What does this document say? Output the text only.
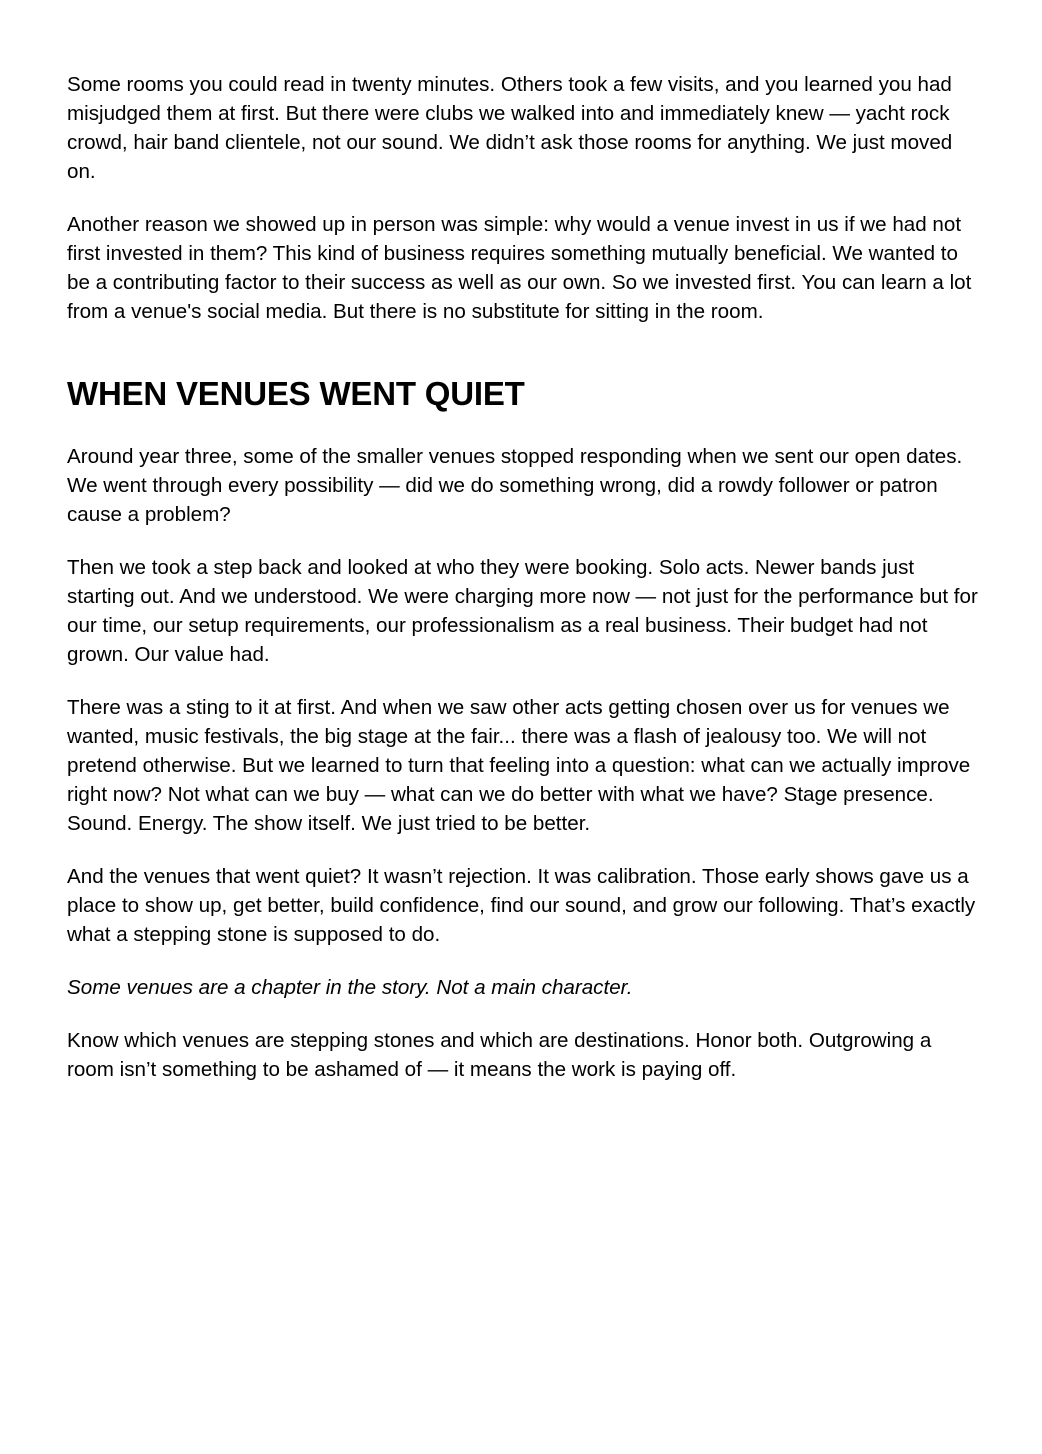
Some rooms you could read in twenty minutes. Others took a few visits, and you learned you had misjudged them at first. But there were clubs we walked into and immediately knew — yacht rock crowd, hair band clientele, not our sound. We didn’t ask those rooms for anything. We just moved on.

Another reason we showed up in person was simple: why would a venue invest in us if we had not first invested in them? This kind of business requires something mutually beneficial. We wanted to be a contributing factor to their success as well as our own. So we invested first. You can learn a lot from a venue's social media. But there is no substitute for sitting in the room.

WHEN VENUES WENT QUIET

Around year three, some of the smaller venues stopped responding when we sent our open dates. We went through every possibility — did we do something wrong, did a rowdy follower or patron cause a problem?

Then we took a step back and looked at who they were booking. Solo acts. Newer bands just starting out. And we understood. We were charging more now — not just for the performance but for our time, our setup requirements, our professionalism as a real business. Their budget had not grown. Our value had.

There was a sting to it at first. And when we saw other acts getting chosen over us for venues we wanted, music festivals, the big stage at the fair... there was a flash of jealousy too. We will not pretend otherwise. But we learned to turn that feeling into a question: what can we actually improve right now? Not what can we buy — what can we do better with what we have? Stage presence. Sound. Energy. The show itself. We just tried to be better.

And the venues that went quiet? It wasn’t rejection. It was calibration. Those early shows gave us a place to show up, get better, build confidence, find our sound, and grow our following. That’s exactly what a stepping stone is supposed to do.

Some venues are a chapter in the story. Not a main character.

Know which venues are stepping stones and which are destinations. Honor both. Outgrowing a room isn’t something to be ashamed of — it means the work is paying off.
